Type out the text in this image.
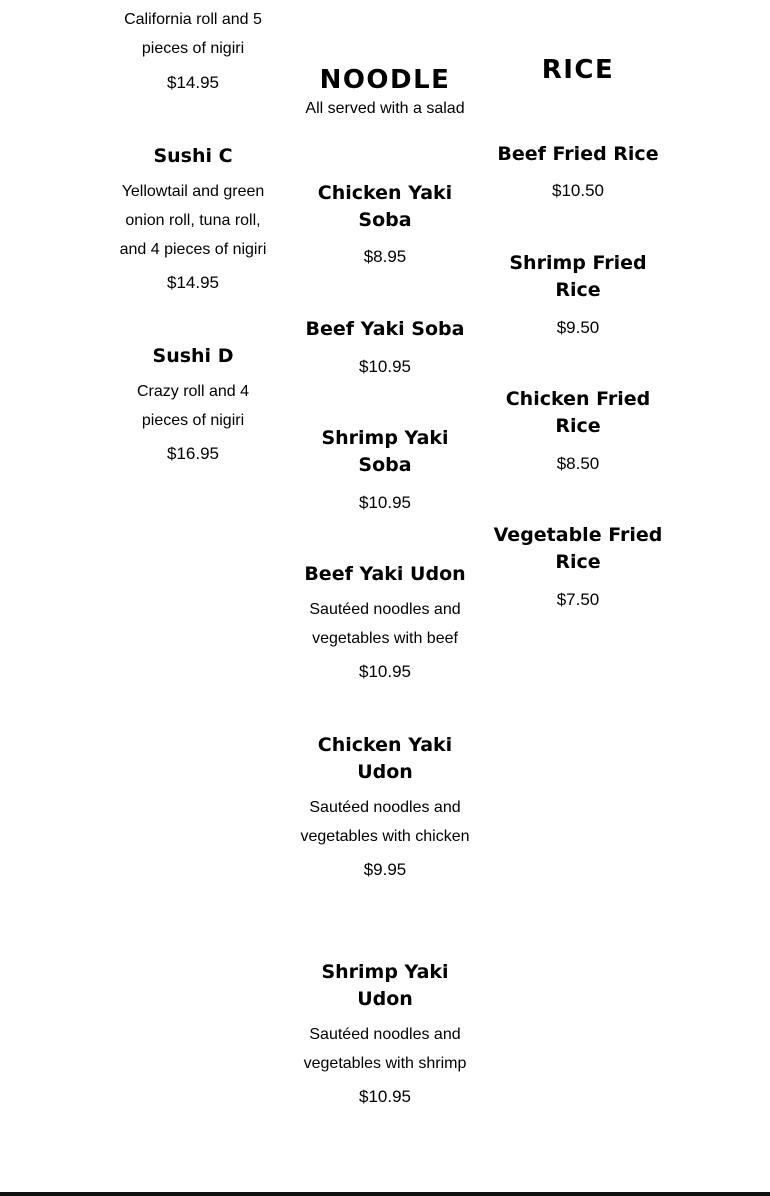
California roll and 5 pieces of nigiri

$14.95

Sushi C

Yellowtail and green onion roll, tuna roll, and 4 pieces of nigiri

$14.95

Sushi D

Crazy roll and 4 pieces of nigiri

$16.95

NOODLE

All served with a salad

Chicken Yaki Soba

$8.95

Beef Yaki Soba

$10.95

Shrimp Yaki Soba

$10.95

Beef Yaki Udon

Sautéed noodles and vegetables with beef

$10.95

Chicken Yaki Udon

Sautéed noodles and vegetables with chicken

$9.95

Shrimp Yaki Udon

Sautéed noodles and vegetables with shrimp

$10.95

RICE

Beef Fried Rice

$10.50

Shrimp Fried Rice

$9.50

Chicken Fried Rice

$8.50

Vegetable Fried Rice

$7.50
